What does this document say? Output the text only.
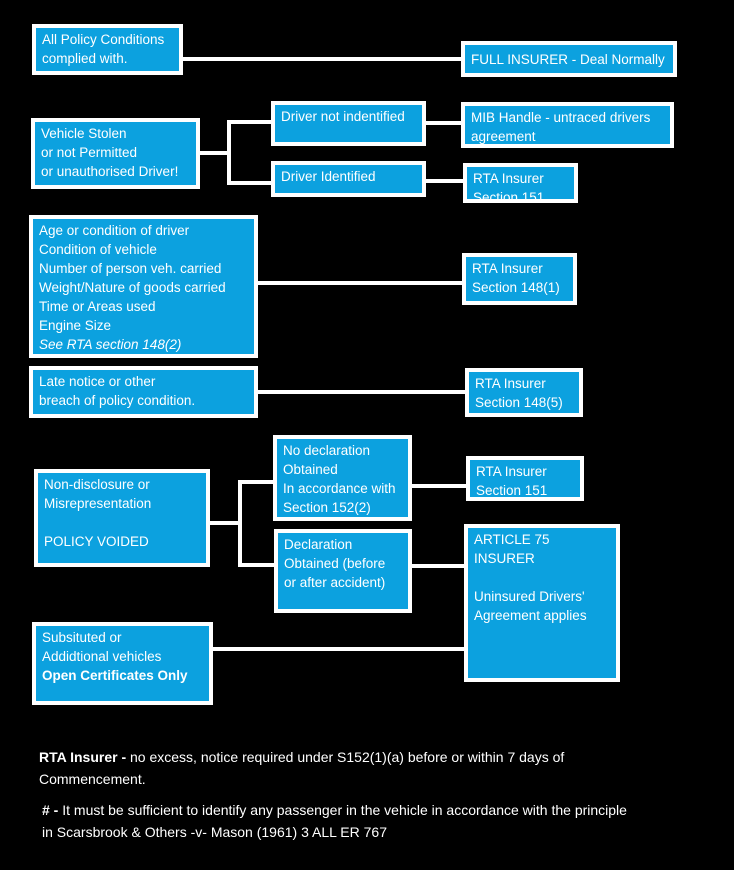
All Policy Conditions
complied with.	FULL INSURER - Deal Normally
Vehicle Stolen
or not Permitted
or unauthorised Driver!
Driver not indentified
Driver Identified
MIB Handle - untraced drivers
agreement
RTA Insurer
Section 151
Age or condition of driver
Condition of vehicle
Number of person veh. carried
Weight/Nature of goods carried
Time or Areas used
Engine Size
See RTA section 148(2)
RTA Insurer
Section 148(1)
Late notice or other
breach of policy condition.
RTA Insurer
Section 148(5)
Non-disclosure or
Misrepresentation
POLICY VOIDED
No declaration
Obtained
In accordance with
Section 152(2)
RTA Insurer
Section 151
Declaration
Obtained (before
or after accident)
ARTICLE 75
INSURER
Uninsured Drivers'
Agreement applies
Subsituted or
Addidtional vehicles
Open Certificates Only
RTA Insurer - no excess, notice required under S152(1)(a) before or within 7 days of
Commencement.
# - It must be sufficient to identify any passenger in the vehicle in accordance with the principle
in Scarsbrook & Others -v- Mason (1961) 3 ALL ER 767
